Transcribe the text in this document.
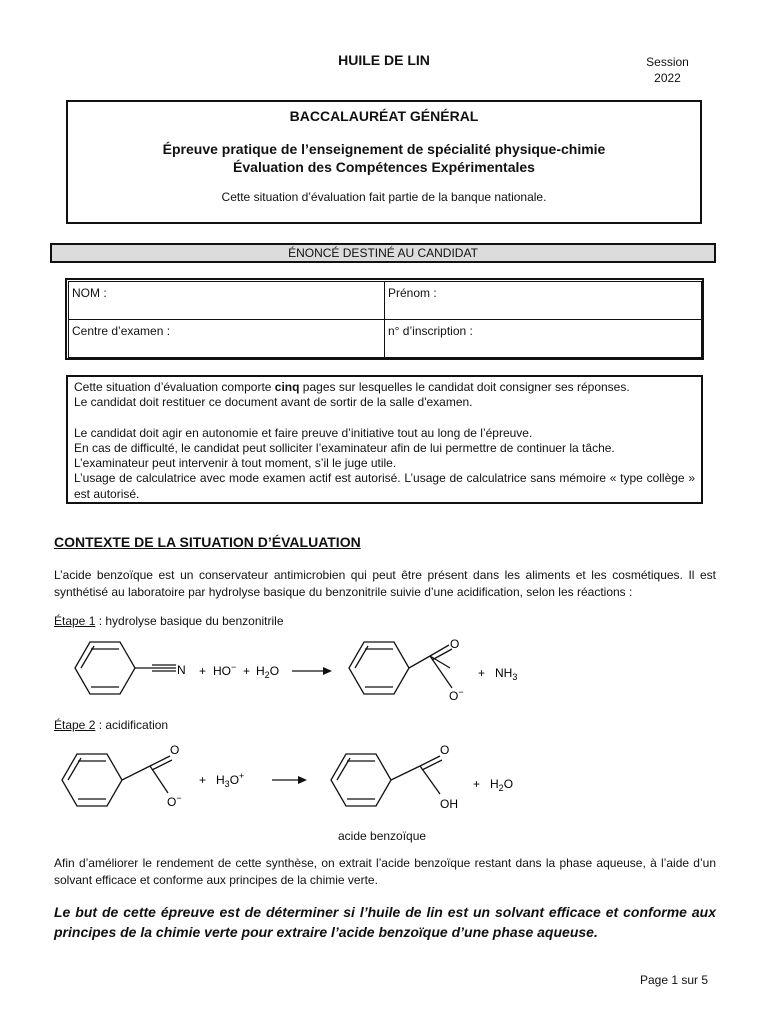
HUILE DE LIN	Session
2022
BACCALAURÉAT GÉNÉRAL
Épreuve pratique de l’enseignement de spécialité physique-chimie
Évaluation des Compétences Expérimentales
Cette situation d’évaluation fait partie de la banque nationale.
ÉNONCÉ DESTINÉ AU CANDIDAT
NOM :	Prénom :
Centre d’examen :	n° d’inscription :

Cette situation d’évaluation comporte cinq pages sur lesquelles le candidat doit consigner ses réponses.

Le candidat doit restituer ce document avant de sortir de la salle d'examen.

Le candidat doit agir en autonomie et faire preuve d’initiative tout au long de l’épreuve.

En cas de difficulté, le candidat peut solliciter l’examinateur afin de lui permettre de continuer la tâche.

L’examinateur peut intervenir à tout moment, s’il le juge utile.

L’usage de calculatrice avec mode examen actif est autorisé. L’usage de calculatrice sans mémoire « type collège » est autorisé.

CONTEXTE DE LA SITUATION D’ÉVALUATION
L’acide benzoïque est un conservateur antimicrobien qui peut être présent dans les aliments et les cosmétiques. Il est synthétisé au laboratoire par hydrolyse basique du benzonitrile suivie d’une acidification, selon les réactions :
Étape 1 : hydrolyse basique du benzonitrile
$N + HO^- + H_2O$
O
O−
+ $NH_3$
Étape 2 : acidification
O
O−
+ $H_3O^+$
O
OH
+ $H_2O$
acide benzoïque
Afin d’améliorer le rendement de cette synthèse, on extrait l’acide benzoïque restant dans la phase aqueuse, à l’aide d’un solvant efficace et conforme aux principes de la chimie verte.
Le but de cette épreuve est de déterminer si l’huile de lin est un solvant efficace et conforme aux principes de la chimie verte pour extraire l’acide benzoïque d’une phase aqueuse.
Page 1 sur 5
